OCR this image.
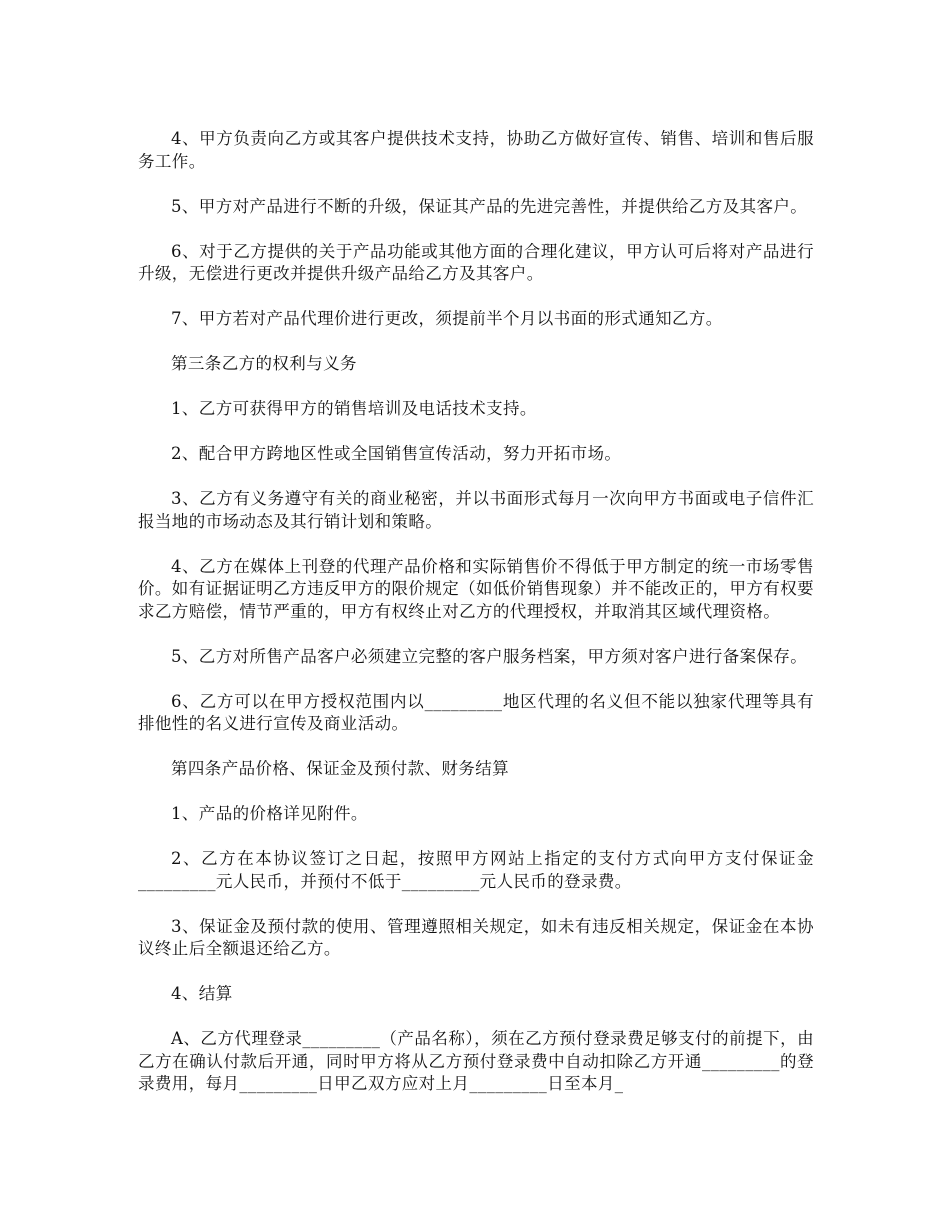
4、甲方负责向乙方或其客户提供技术支持，协助乙方做好宣传、销售、培训和售后服务工作。

5、甲方对产品进行不断的升级，保证其产品的先进完善性，并提供给乙方及其客户。

6、对于乙方提供的关于产品功能或其他方面的合理化建议，甲方认可后将对产品进行升级，无偿进行更改并提供升级产品给乙方及其客户。

7、甲方若对产品代理价进行更改，须提前半个月以书面的形式通知乙方。

第三条乙方的权利与义务

1、乙方可获得甲方的销售培训及电话技术支持。

2、配合甲方跨地区性或全国销售宣传活动，努力开拓市场。

3、乙方有义务遵守有关的商业秘密，并以书面形式每月一次向甲方书面或电子信件汇报当地的市场动态及其行销计划和策略。

4、乙方在媒体上刊登的代理产品价格和实际销售价不得低于甲方制定的统一市场零售价。如有证据证明乙方违反甲方的限价规定（如低价销售现象）并不能改正的，甲方有权要求乙方赔偿，情节严重的，甲方有权终止对乙方的代理授权，并取消其区域代理资格。

5、乙方对所售产品客户必须建立完整的客户服务档案，甲方须对客户进行备案保存。

6、乙方可以在甲方授权范围内以_________地区代理的名义但不能以独家代理等具有排他性的名义进行宣传及商业活动。

第四条产品价格、保证金及预付款、财务结算

1、产品的价格详见附件。

2、乙方在本协议签订之日起，按照甲方网站上指定的支付方式向甲方支付保证金_________元人民币，并预付不低于_________元人民币的登录费。

3、保证金及预付款的使用、管理遵照相关规定，如未有违反相关规定，保证金在本协议终止后全额退还给乙方。

4、结算

A、乙方代理登录_________（产品名称），须在乙方预付登录费足够支付的前提下，由乙方在确认付款后开通，同时甲方将从乙方预付登录费中自动扣除乙方开通_________的登录费用，每月_________日甲乙双方应对上月_________日至本月_
